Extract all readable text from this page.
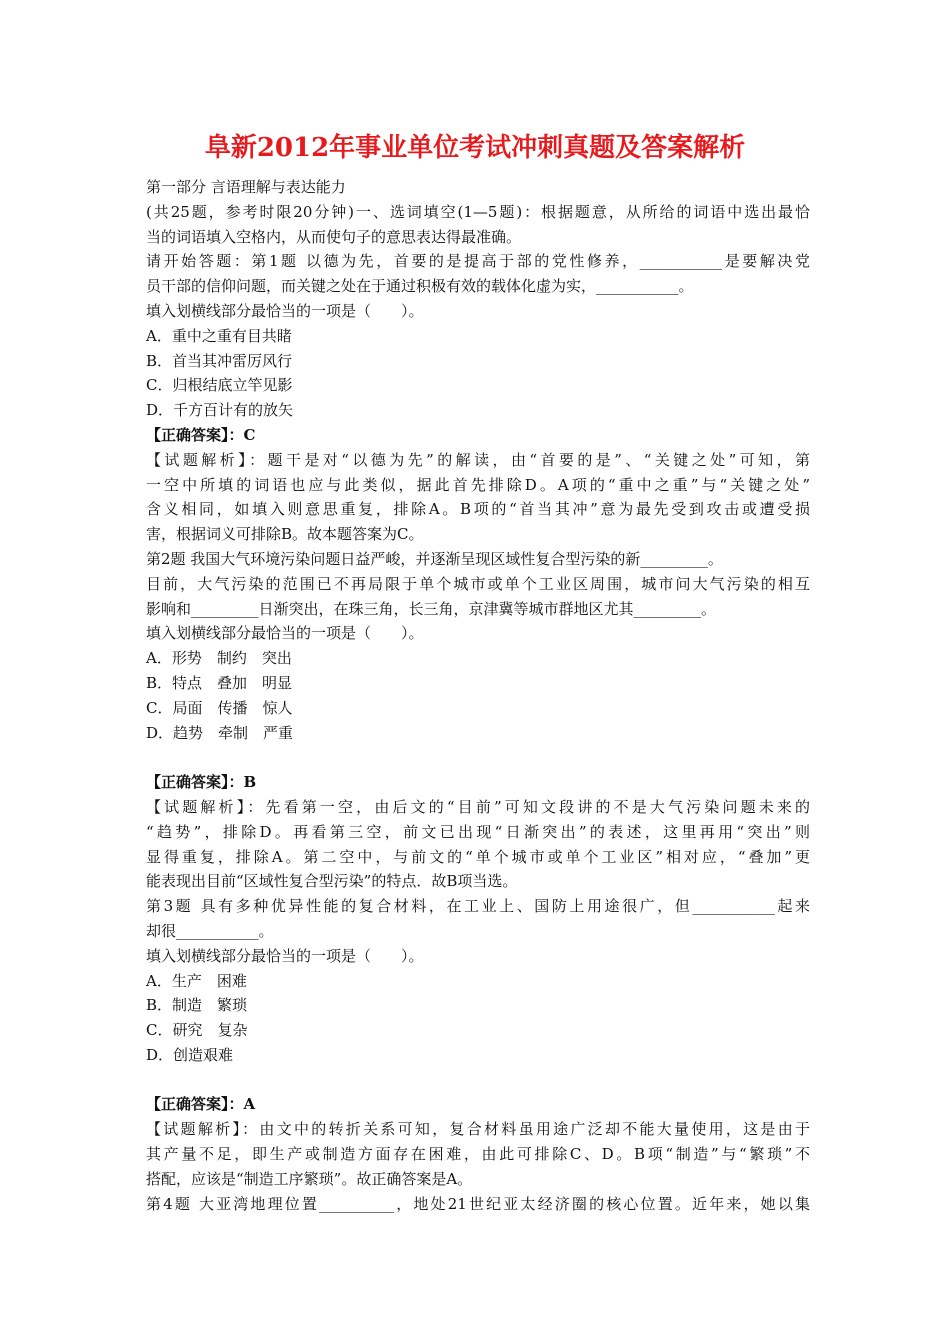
阜新2012年事业单位考试冲刺真题及答案解析
第一部分 言语理解与表达能力
(共25题，参考时限20分钟)一、选词填空(1—5题)：根据题意，从所给的词语中选出最恰
当的词语填入空格内，从而使句子的意思表达得最准确。
请开始答题：第1题 以德为先，首要的是提高于部的党性修养，___________是要解决党
员干部的信仰问题，而关键之处在于通过积极有效的载体化虚为实，___________。
填入划横线部分最恰当的一项是（　　）。
A．重中之重有目共睹
B．首当其冲雷厉风行
C．归根结底立竿见影
D．千方百计有的放矢
【正确答案】：C
【试题解析】：题干是对“以德为先”的解读，由“首要的是”、“关键之处”可知，第
一空中所填的词语也应与此类似，据此首先排除D。A项的“重中之重”与“关键之处”
含义相同，如填入则意思重复，排除A。B项的“首当其冲”意为最先受到攻击或遭受损
害，根据词义可排除B。故本题答案为C。
第2题 我国大气环境污染问题日益严峻，并逐渐呈现区域性复合型污染的新_________。
目前，大气污染的范围已不再局限于单个城市或单个工业区周围，城市问大气污染的相互
影响和_________日渐突出，在珠三角，长三角，京津冀等城市群地区尤其_________。
填入划横线部分最恰当的一项是（　　）。
A．形势　制约　突出
B．特点　叠加　明显
C．局面　传播　惊人
D．趋势　牵制　严重
【正确答案】：B
【试题解析】：先看第一空，由后文的“目前”可知文段讲的不是大气污染问题未来的
“趋势”，排除D。再看第三空，前文已出现“日渐突出”的表述，这里再用“突出”则
显得重复，排除A。第二空中，与前文的“单个城市或单个工业区”相对应，“叠加”更
能表现出目前“区域性复合型污染”的特点．故B项当选。
第3题 具有多种优异性能的复合材料，在工业上、国防上用途很广，但___________起来
却很___________。
填入划横线部分最恰当的一项是（　　）。
A．生产　困难
B．制造　繁琐
C．研究　复杂
D．创造艰难
【正确答案】：A
【试题解析】：由文中的转折关系可知，复合材料虽用途广泛却不能大量使用，这是由于
其产量不足，即生产或制造方面存在困难，由此可排除C、D。B项“制造”与“繁琐”不
搭配，应该是“制造工序繁琐”。故正确答案是A。
第4题 大亚湾地理位置__________，地处21世纪亚太经济圈的核心位置。近年来，她以集
